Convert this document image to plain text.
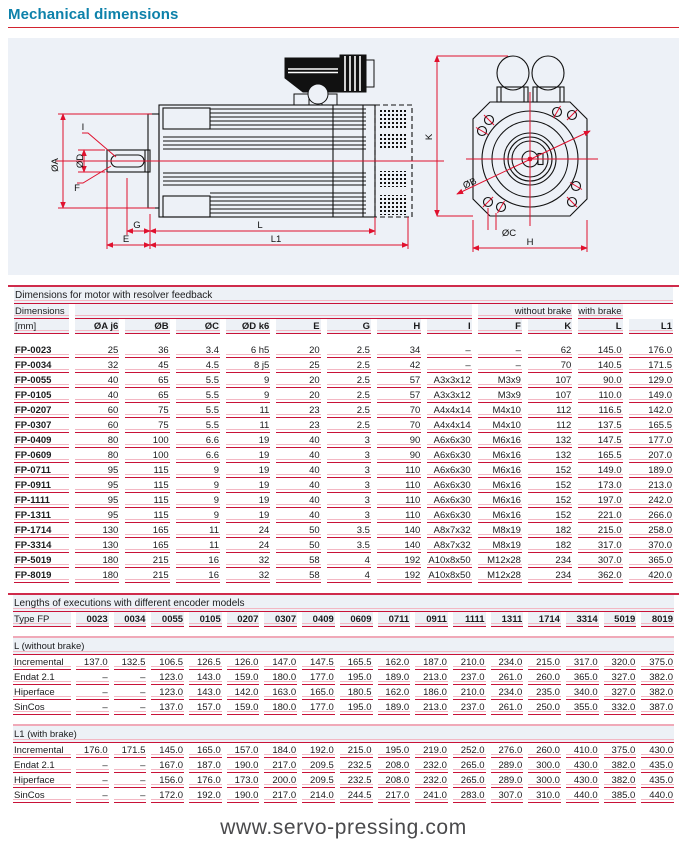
Mechanical dimensions
ØA ØD
I
F
G
E
L
L1
K
ØB
ØC
H
Dimensions for motor with resolver feedback												
Dimensions									without brake		with brake	
[mm]	ØA j6	ØB	ØC	ØD k6	E	G	H	I	F	K	L	L1

FP-0023	25	36	3.4	6 h5	20	2.5	34	–	–	62	145.0	176.0
FP-0034	32	45	4.5	8 j5	25	2.5	42	–	–	70	140.5	171.5
FP-0055	40	65	5.5	9	20	2.5	57	A3x3x12	M3x9	107	90.0	129.0
FP-0105	40	65	5.5	9	20	2.5	57	A3x3x12	M3x9	107	110.0	149.0
FP-0207	60	75	5.5	11	23	2.5	70	A4x4x14	M4x10	112	116.5	142.0
FP-0307	60	75	5.5	11	23	2.5	70	A4x4x14	M4x10	112	137.5	165.5
FP-0409	80	100	6.6	19	40	3	90	A6x6x30	M6x16	132	147.5	177.0
FP-0609	80	100	6.6	19	40	3	90	A6x6x30	M6x16	132	165.5	207.0
FP-0711	95	115	9	19	40	3	110	A6x6x30	M6x16	152	149.0	189.0
FP-0911	95	115	9	19	40	3	110	A6x6x30	M6x16	152	173.0	213.0
FP-1111	95	115	9	19	40	3	110	A6x6x30	M6x16	152	197.0	242.0
FP-1311	95	115	9	19	40	3	110	A6x6x30	M6x16	152	221.0	266.0
FP-1714	130	165	11	24	50	3.5	140	A8x7x32	M8x19	182	215.0	258.0
FP-3314	130	165	11	24	50	3.5	140	A8x7x32	M8x19	182	317.0	370.0
FP-5019	180	215	16	32	58	4	192	A10x8x50	M12x28	234	307.0	365.0
FP-8019	180	215	16	32	58	4	192	A10x8x50	M12x28	234	362.0	420.0
Lengths of executions with different encoder models																
Type FP	0023	0034	0055	0105	0207	0307	0409	0609	0711	0911	1111	1311	1714	3314	5019	8019

L (without brake)																
Incremental	137.0	132.5	106.5	126.5	126.0	147.0	147.5	165.5	162.0	187.0	210.0	234.0	215.0	317.0	320.0	375.0
Endat 2.1	–	–	123.0	143.0	159.0	180.0	177.0	195.0	189.0	213.0	237.0	261.0	260.0	365.0	327.0	382.0
Hiperface	–	–	123.0	143.0	142.0	163.0	165.0	180.5	162.0	186.0	210.0	234.0	235.0	340.0	327.0	382.0
SinCos	–	–	137.0	157.0	159.0	180.0	177.0	195.0	189.0	213.0	237.0	261.0	250.0	355.0	332.0	387.0

L1 (with brake)																
Incremental	176.0	171.5	145.0	165.0	157.0	184.0	192.0	215.0	195.0	219.0	252.0	276.0	260.0	410.0	375.0	430.0
Endat 2.1	–	–	167.0	187.0	190.0	217.0	209.5	232.5	208.0	232.0	265.0	289.0	300.0	430.0	382.0	435.0
Hiperface	–	–	156.0	176.0	173.0	200.0	209.5	232.5	208.0	232.0	265.0	289.0	300.0	430.0	382.0	435.0
SinCos	–	–	172.0	192.0	190.0	217.0	214.0	244.5	217.0	241.0	283.0	307.0	310.0	440.0	385.0	440.0
www.servo-pressing.com
